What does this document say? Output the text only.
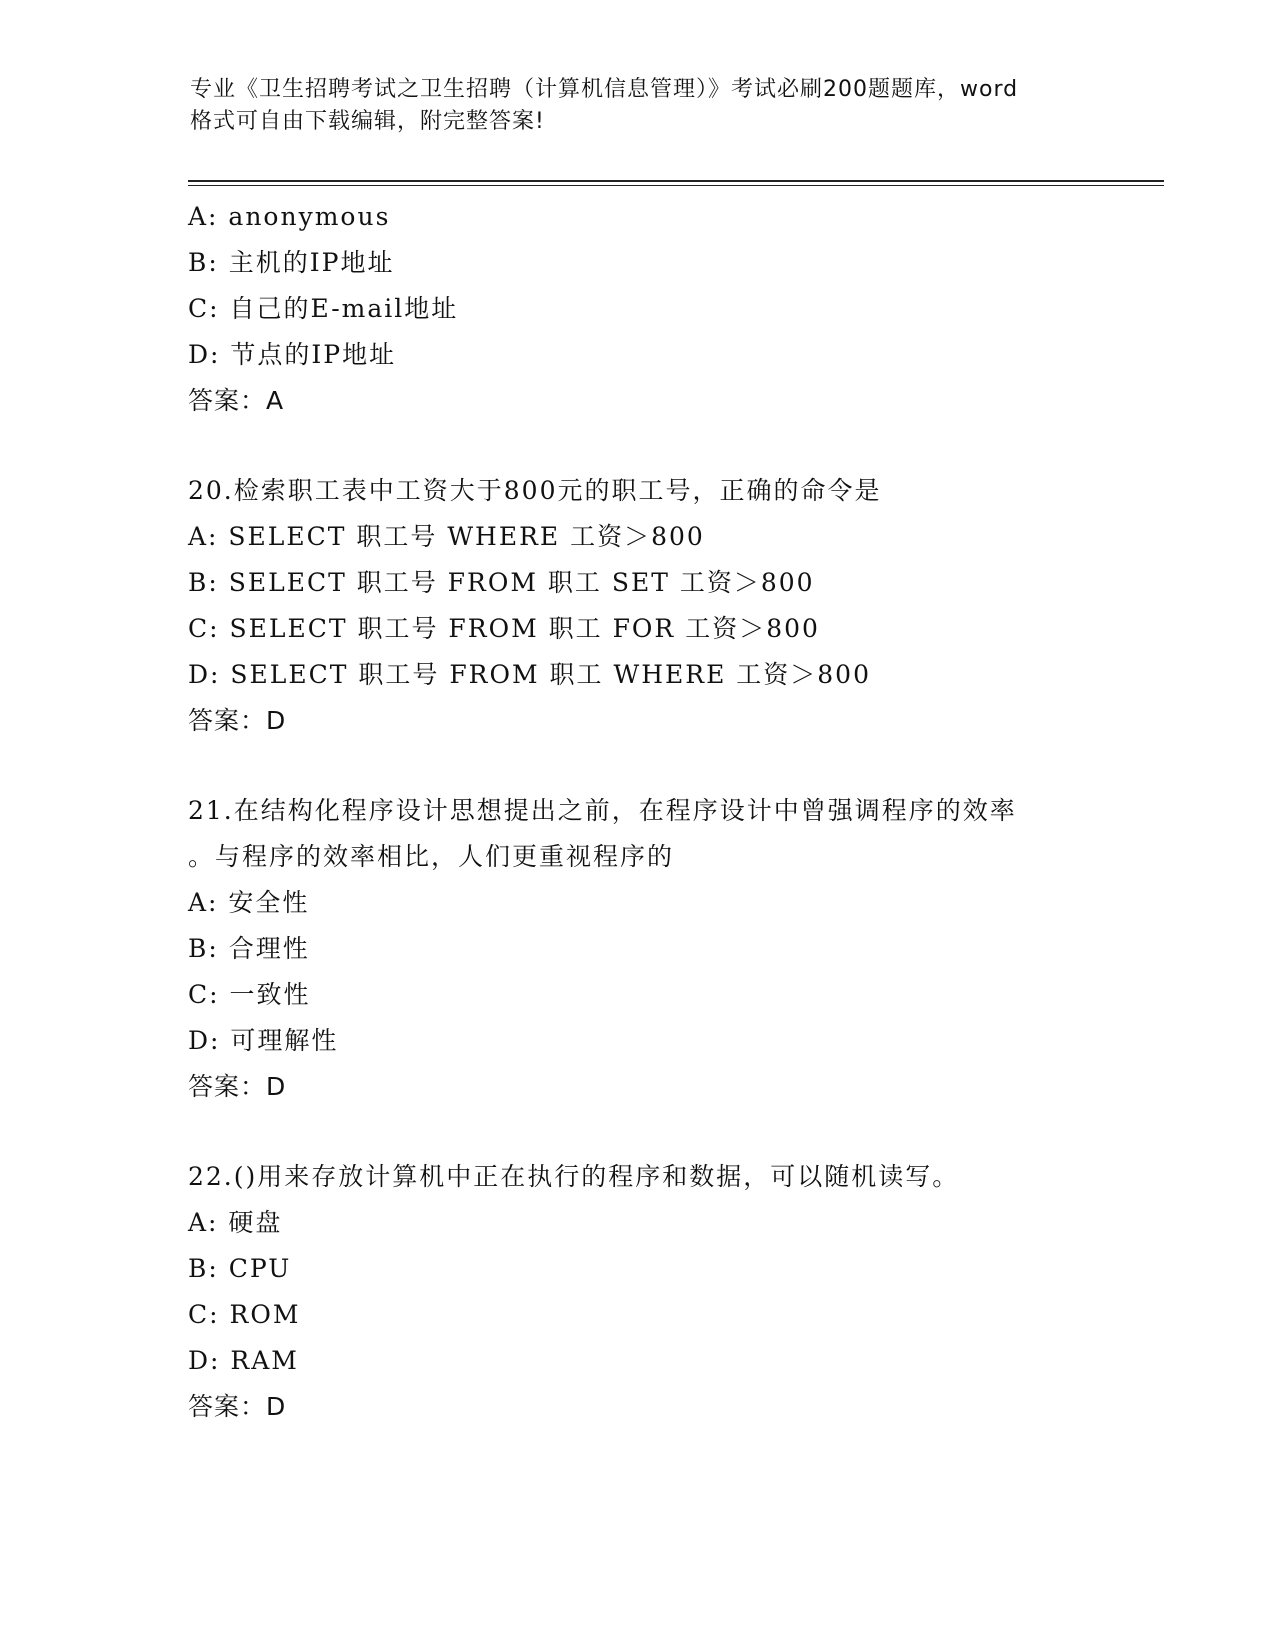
专业《卫生招聘考试之卫生招聘（计算机信息管理）》考试必刷200题题库，word
格式可自由下载编辑，附完整答案!
A: anonymous
B: 主机的IP地址
C: 自己的E-mail地址
D: 节点的IP地址
答案：A
20.检索职工表中工资大于800元的职工号，正确的命令是
A: SELECT 职工号 WHERE 工资＞800
B: SELECT 职工号 FROM 职工 SET 工资＞800
C: SELECT 职工号 FROM 职工 FOR 工资＞800
D: SELECT 职工号 FROM 职工 WHERE 工资＞800
答案：D
21.在结构化程序设计思想提出之前，在程序设计中曾强调程序的效率
。与程序的效率相比，人们更重视程序的
A: 安全性
B: 合理性
C: 一致性
D: 可理解性
答案：D
22.()用来存放计算机中正在执行的程序和数据，可以随机读写。
A: 硬盘
B: CPU
C: ROM
D: RAM
答案：D
